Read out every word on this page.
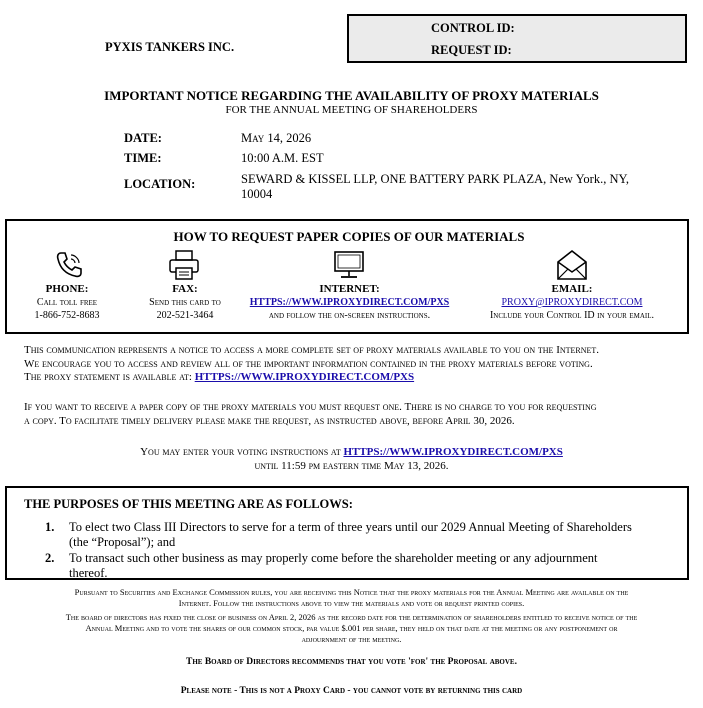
PYXIS TANKERS INC.
CONTROL ID:
REQUEST ID:
IMPORTANT NOTICE REGARDING THE AVAILABILITY OF PROXY MATERIALS
FOR THE ANNUAL MEETING OF SHAREHOLDERS
DATE:	May 14, 2026
TIME:	10:00 A.M. EST
LOCATION:	SEWARD & KISSEL LLP, ONE BATTERY PARK PLAZA, New York., NY,
10004
HOW TO REQUEST PAPER COPIES OF OUR MATERIALS
PHONE:
Call toll free
1-866-752-8683
FAX:
Send this card to
202-521-3464
INTERNET:
HTTPS://WWW.IPROXYDIRECT.COM/PXS
and follow the on-screen instructions.
EMAIL:
PROXY@IPROXYDIRECT.COM
Include your Control ID in your email.
This communication represents a notice to access a more complete set of proxy materials available to you on the Internet.
We encourage you to access and review all of the important information contained in the proxy materials before voting.
The proxy statement is available at: HTTPS://WWW.IPROXYDIRECT.COM/PXS
If you want to receive a paper copy of the proxy materials you must request one. There is no charge to you for requesting
a copy. To facilitate timely delivery please make the request, as instructed above, before April 30, 2026.
You may enter your voting instructions at HTTPS://WWW.IPROXYDIRECT.COM/PXS
until 11:59 pm eastern time May 13, 2026.
THE PURPOSES OF THIS MEETING ARE AS FOLLOWS:
1. To elect two Class III Directors to serve for a term of three years until our 2029 Annual Meeting of Shareholders
(the “Proposal”); and
2. To transact such other business as may properly come before the shareholder meeting or any adjournment
thereof.
Pursuant to Securities and Exchange Commission rules, you are receiving this Notice that the proxy materials for the Annual Meeting are available on the
Internet. Follow the instructions above to view the materials and vote or request printed copies.
The board of directors has fixed the close of business on April 2, 2026 as the record date for the determination of shareholders entitled to receive notice of the
Annual Meeting and to vote the shares of our common stock, par value $.001 per share, they held on that date at the meeting or any postponement or
adjournment of the meeting.
The Board of Directors recommends that you vote 'for' the Proposal above.
Please note - This is not a Proxy Card - you cannot vote by returning this card
